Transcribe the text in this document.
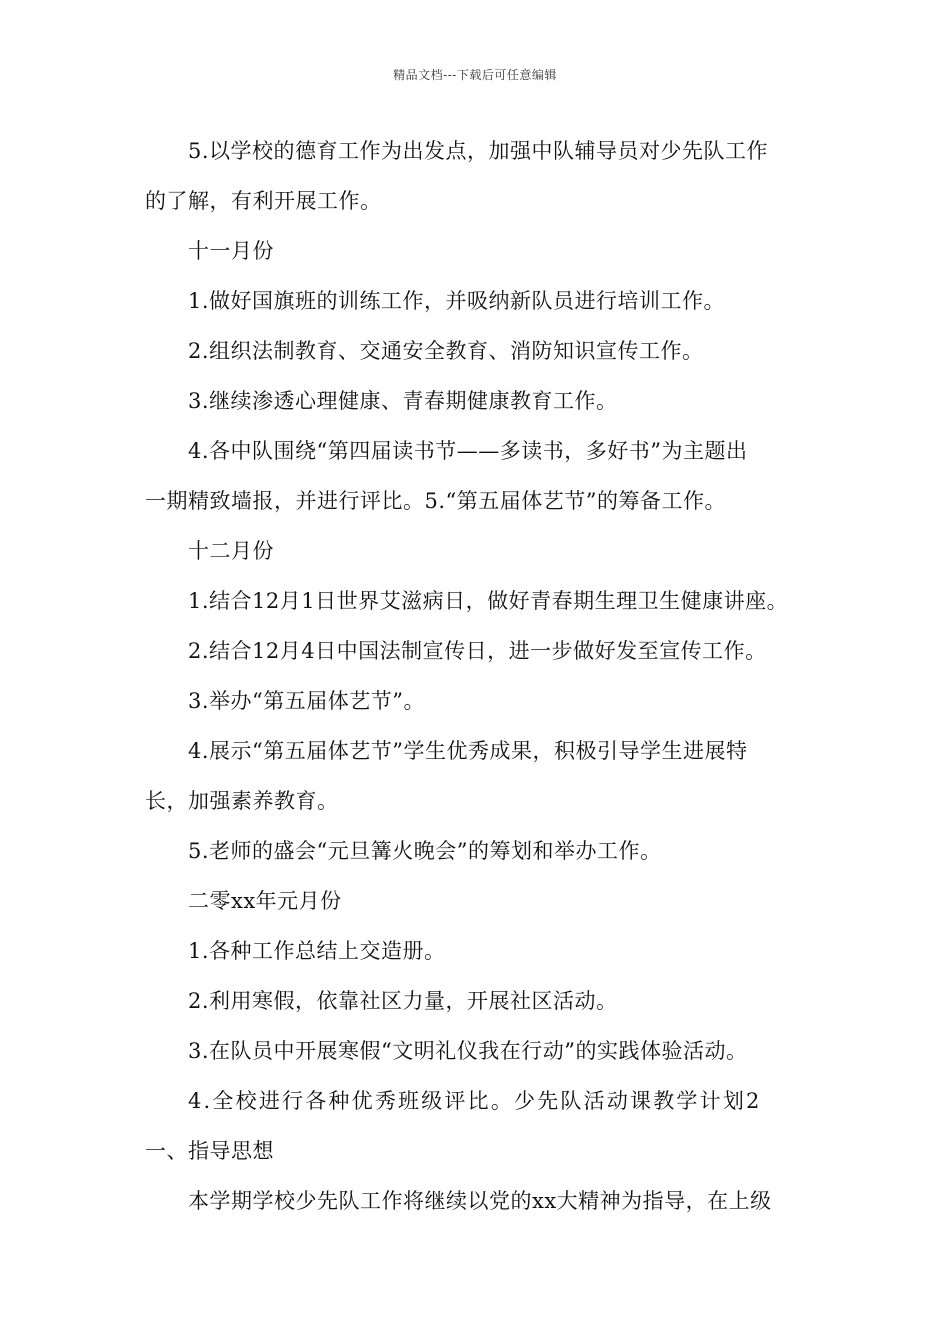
精品文档---下载后可任意编辑
5.以学校的德育工作为出发点，加强中队辅导员对少先队工作
的了解，有利开展工作。
十一月份
1.做好国旗班的训练工作，并吸纳新队员进行培训工作。
2.组织法制教育、交通安全教育、消防知识宣传工作。
3.继续渗透心理健康、青春期健康教育工作。
4.各中队围绕“第四届读书节——多读书，多好书”为主题出
一期精致墙报，并进行评比。5.“第五届体艺节”的筹备工作。
十二月份
1.结合12月1日世界艾滋病日，做好青春期生理卫生健康讲座。
2.结合12月4日中国法制宣传日，进一步做好发至宣传工作。
3.举办“第五届体艺节”。
4.展示“第五届体艺节”学生优秀成果，积极引导学生进展特
长，加强素养教育。
5.老师的盛会“元旦篝火晚会”的筹划和举办工作。
二零xx年元月份
1.各种工作总结上交造册。
2.利用寒假，依靠社区力量，开展社区活动。
3.在队员中开展寒假“文明礼仪我在行动”的实践体验活动。
4.全校进行各种优秀班级评比。少先队活动课教学计划2
一、指导思想
本学期学校少先队工作将继续以党的xx大精神为指导，在上级
